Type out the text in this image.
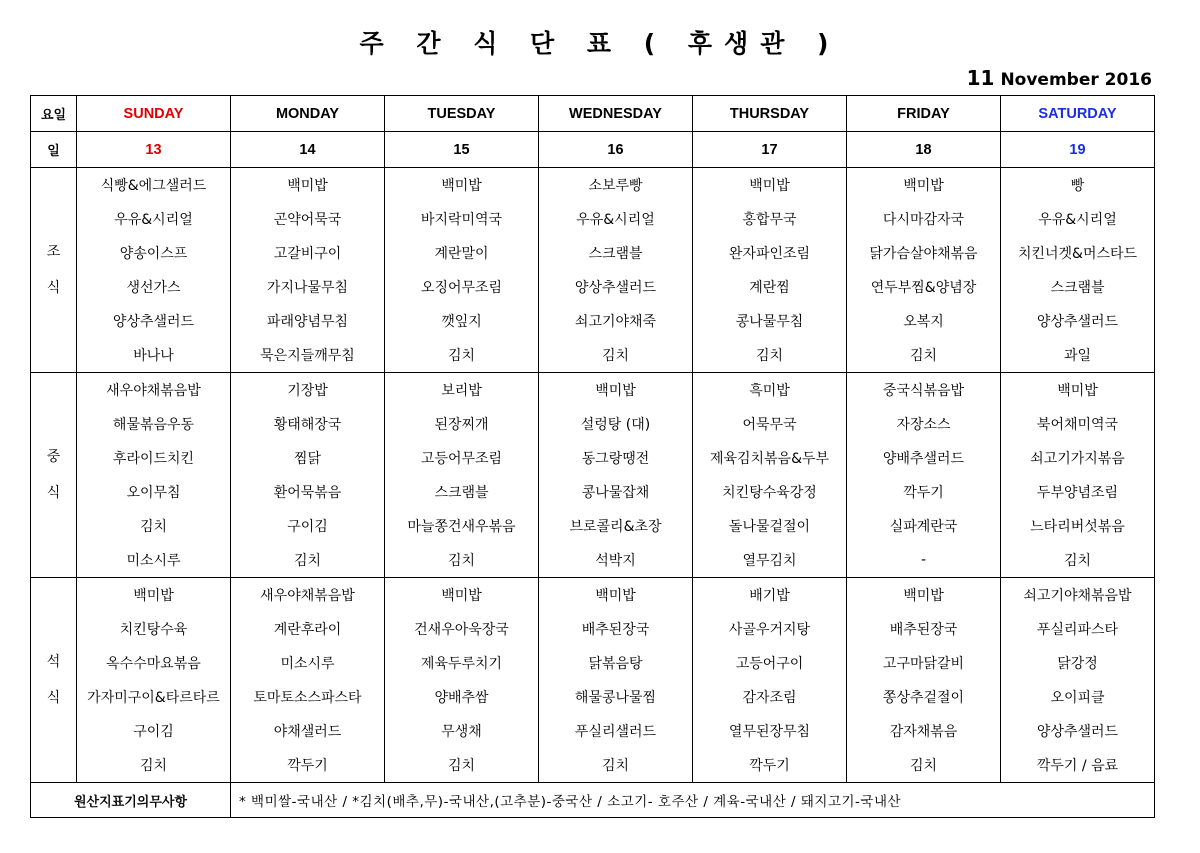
주 간 식 단 표 ( 후생관 )
11 November 2016
요일	SUNDAY	MONDAY	TUESDAY	WEDNESDAY	THURSDAY	FRIDAY	SATURDAY
일	13	14	15	16	17	18	19

조
식	식빵&에그샐러드	백미밥	백미밥	소보루빵	백미밥	백미밥	빵
	우유&시리얼	곤약어묵국	바지락미역국	우유&시리얼	홍합무국	다시마감자국	우유&시리얼
	양송이스프	고갈비구이	계란말이	스크램블	완자파인조림	닭가슴살야채볶음	치킨너겟&머스타드
	생선가스	가지나물무침	오징어무조림	양상추샐러드	계란찜	연두부찜&양념장	스크램블
	양상추샐러드	파래양념무침	깻잎지	쇠고기야채죽	콩나물무침	오복지	양상추샐러드
	바나나	묵은지들깨무침	김치	김치	김치	김치	과일

중
식	새우야채볶음밥	기장밥	보리밥	백미밥	흑미밥	중국식볶음밥	백미밥
	해물볶음우동	황태해장국	된장찌개	설렁탕 (대)	어묵무국	자장소스	북어채미역국
	후라이드치킨	찜닭	고등어무조림	동그랑땡전	제육김치볶음&두부	양배추샐러드	쇠고기가지볶음
	오이무침	환어묵볶음	스크램블	콩나물잡채	치킨탕수육강정	깍두기	두부양념조림
	김치	구이김	마늘쫑건새우볶음	브로콜리&초장	돌나물겉절이	실파계란국	느타리버섯볶음
	미소시루	김치	김치	석박지	열무김치	-	김치

석
식	백미밥	새우야채볶음밥	백미밥	백미밥	배기밥	백미밥	쇠고기야채볶음밥
	치킨탕수육	계란후라이	건새우아욱장국	배추된장국	사골우거지탕	배추된장국	푸실리파스타
	옥수수마요볶음	미소시루	제육두루치기	닭볶음탕	고등어구이	고구마닭갈비	닭강정
	가자미구이&타르타르	토마토소스파스타	양배추쌈	해물콩나물찜	감자조림	쫑상추겉절이	오이피클
	구이김	야채샐러드	무생채	푸실리샐러드	열무된장무침	감자채볶음	양상추샐러드
	김치	깍두기	김치	김치	깍두기	김치	깍두기 / 음료
원산지표기의무사항		* 백미쌀-국내산 / *김치(배추,무)-국내산,(고추분)-중국산 / 소고기- 호주산 / 계육-국내산 / 돼지고기-국내산					
